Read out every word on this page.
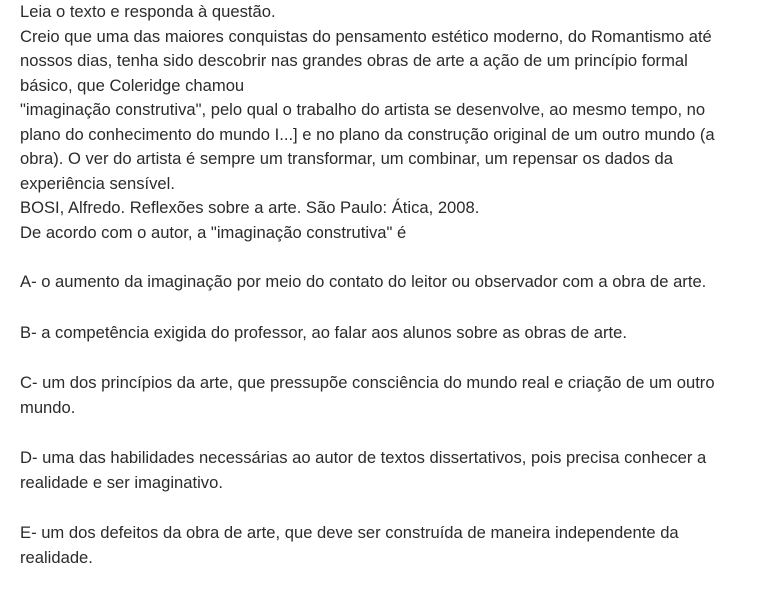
Leia o texto e responda à questão.
Creio que uma das maiores conquistas do pensamento estético moderno, do Romantismo até
nossos dias, tenha sido descobrir nas grandes obras de arte a ação de um princípio formal
básico, que Coleridge chamou
"imaginação construtiva", pelo qual o trabalho do artista se desenvolve, ao mesmo tempo, no
plano do conhecimento do mundo I...] e no plano da construção original de um outro mundo (a
obra). O ver do artista é sempre um transformar, um combinar, um repensar os dados da
experiência sensível.
BOSI, Alfredo. Reflexões sobre a arte. São Paulo: Ática, 2008.
De acordo com o autor, a "imaginação construtiva" é
A- o aumento da imaginação por meio do contato do leitor ou observador com a obra de arte.
B- a competência exigida do professor, ao falar aos alunos sobre as obras de arte.
C- um dos princípios da arte, que pressupõe consciência do mundo real e criação de um outro
mundo.
D- uma das habilidades necessárias ao autor de textos dissertativos, pois precisa conhecer a
realidade e ser imaginativo.
E- um dos defeitos da obra de arte, que deve ser construída de maneira independente da
realidade.
